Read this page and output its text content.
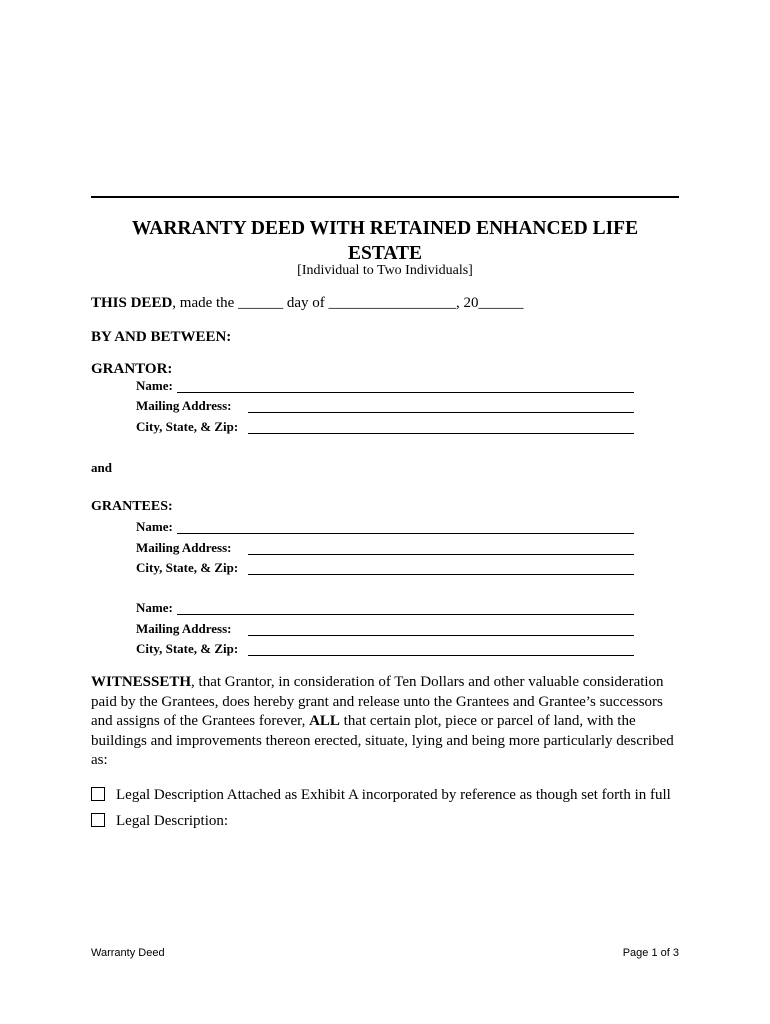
WARRANTY DEED WITH RETAINED ENHANCED LIFE
ESTATE
[Individual to Two Individuals]
THIS DEED, made the ______ day of _________________, 20______
BY AND BETWEEN:
GRANTOR:
Name:
Mailing Address:
City, State, & Zip:
and
GRANTEES:
Name:
Mailing Address:
City, State, & Zip:
Name:
Mailing Address:
City, State, & Zip:
WITNESSETH, that Grantor, in consideration of Ten Dollars and other valuable consideration paid by the Grantees, does hereby grant and release unto the Grantees and Grantee’s successors and assigns of the Grantees forever, ALL that certain plot, piece or parcel of land, with the buildings and improvements thereon erected, situate, lying and being more particularly described as:
Legal Description Attached as Exhibit A incorporated by reference as though set forth in full
Legal Description:
Warranty Deed	Page 1 of 3
